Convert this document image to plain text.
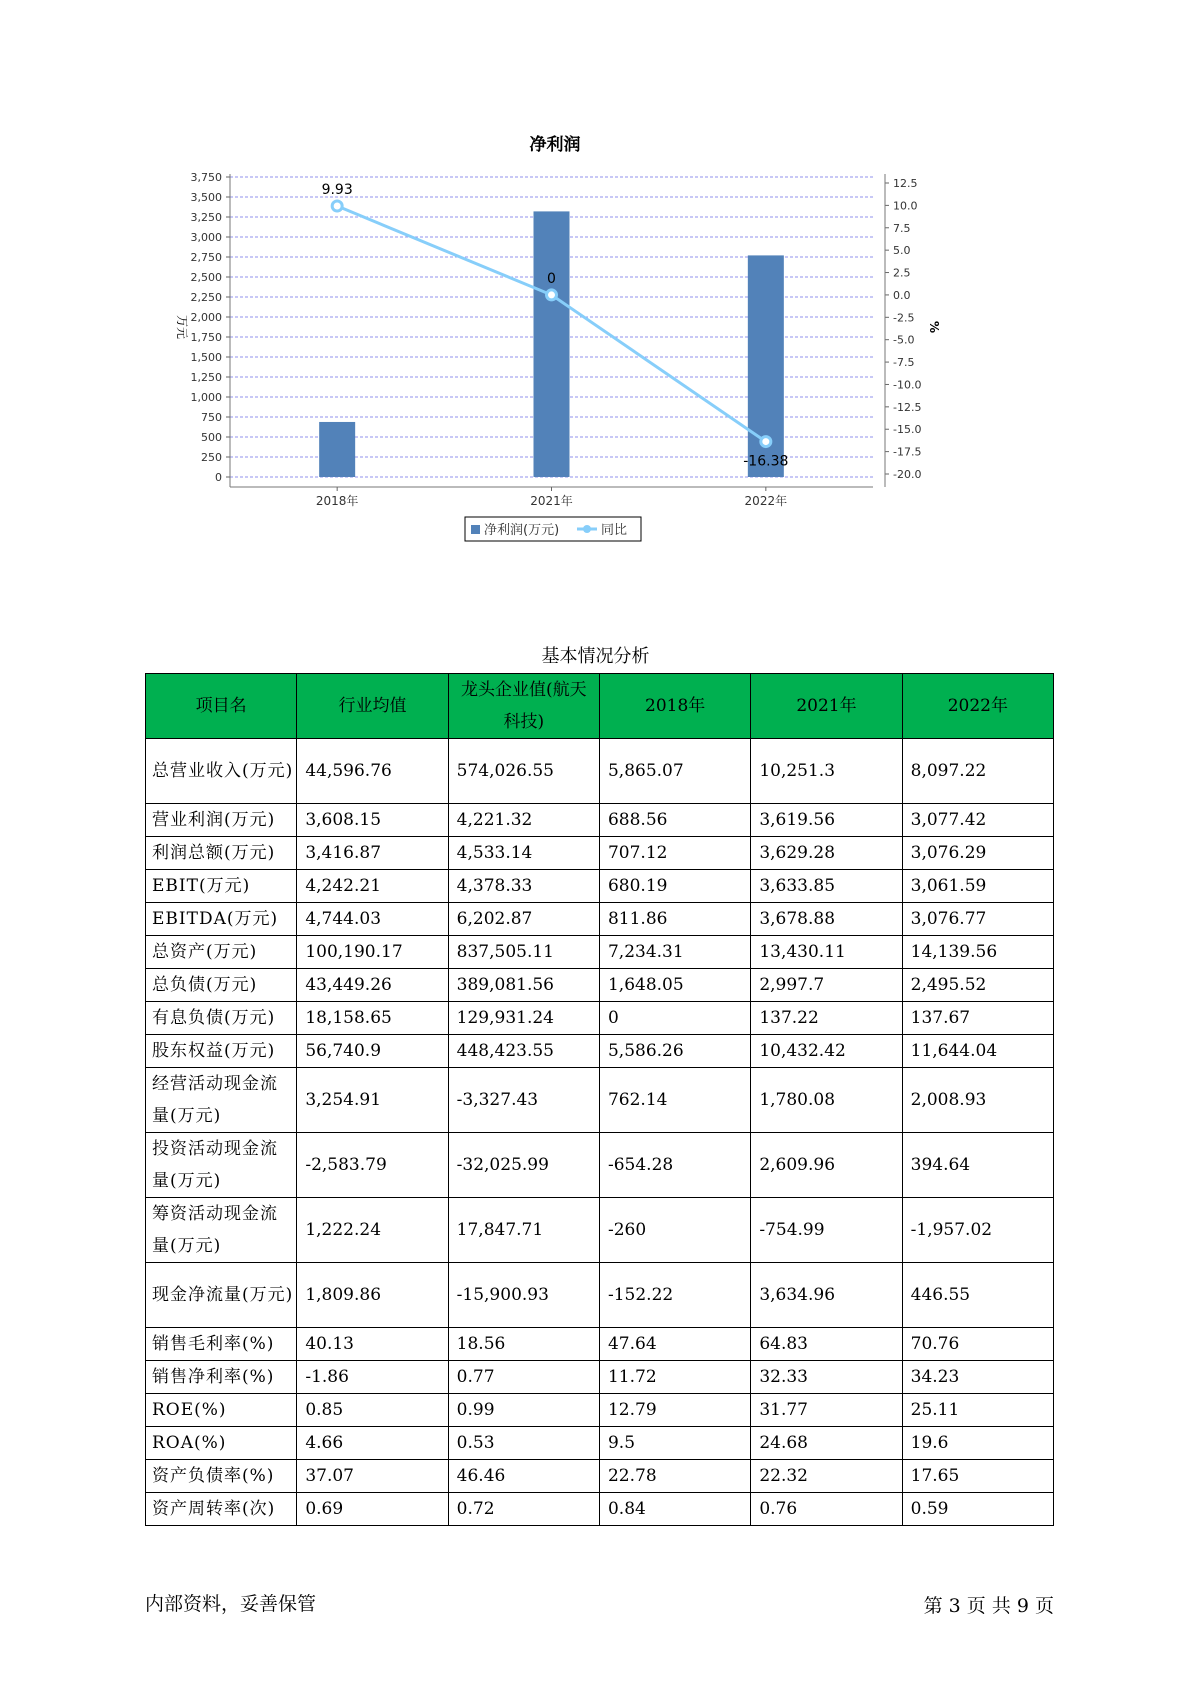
净利润
0
250
500
750
1,000
1,250
1,500
1,750
2,000
2,250
2,500
2,750
3,000
3,250
3,500
3,750	12.5
10.0
7.5
5.0
2.5
0.0
-2.5
-5.0
-7.5
-10.0
-12.5
-15.0
-17.5
-20.0
万元	%
2018年	2021年	2022年
9.93
0
-16.38
净利润(万元)	同比
基本情况分析
项目名	行业均值	龙头企业值(航天科技)	2018年	2021年	2022年
总营业收入(万元)	44,596.76	574,026.55	5,865.07	10,251.3	8,097.22
营业利润(万元)	3,608.15	4,221.32	688.56	3,619.56	3,077.42
利润总额(万元)	3,416.87	4,533.14	707.12	3,629.28	3,076.29
EBIT(万元)	4,242.21	4,378.33	680.19	3,633.85	3,061.59
EBITDA(万元)	4,744.03	6,202.87	811.86	3,678.88	3,076.77
总资产(万元)	100,190.17	837,505.11	7,234.31	13,430.11	14,139.56
总负债(万元)	43,449.26	389,081.56	1,648.05	2,997.7	2,495.52
有息负债(万元)	18,158.65	129,931.24	0	137.22	137.67
股东权益(万元)	56,740.9	448,423.55	5,586.26	10,432.42	11,644.04
经营活动现金流量(万元)	3,254.91	-3,327.43	762.14	1,780.08	2,008.93
投资活动现金流量(万元)	-2,583.79	-32,025.99	-654.28	2,609.96	394.64
筹资活动现金流量(万元)	1,222.24	17,847.71	-260	-754.99	-1,957.02
现金净流量(万元)	1,809.86	-15,900.93	-152.22	3,634.96	446.55
销售毛利率(%)	40.13	18.56	47.64	64.83	70.76
销售净利率(%)	-1.86	0.77	11.72	32.33	34.23
ROE(%)	0.85	0.99	12.79	31.77	25.11
ROA(%)	4.66	0.53	9.5	24.68	19.6
资产负债率(%)	37.07	46.46	22.78	22.32	17.65
资产周转率(次)	0.69	0.72	0.84	0.76	0.59
内部资料，妥善保管	第 3 页 共 9 页
